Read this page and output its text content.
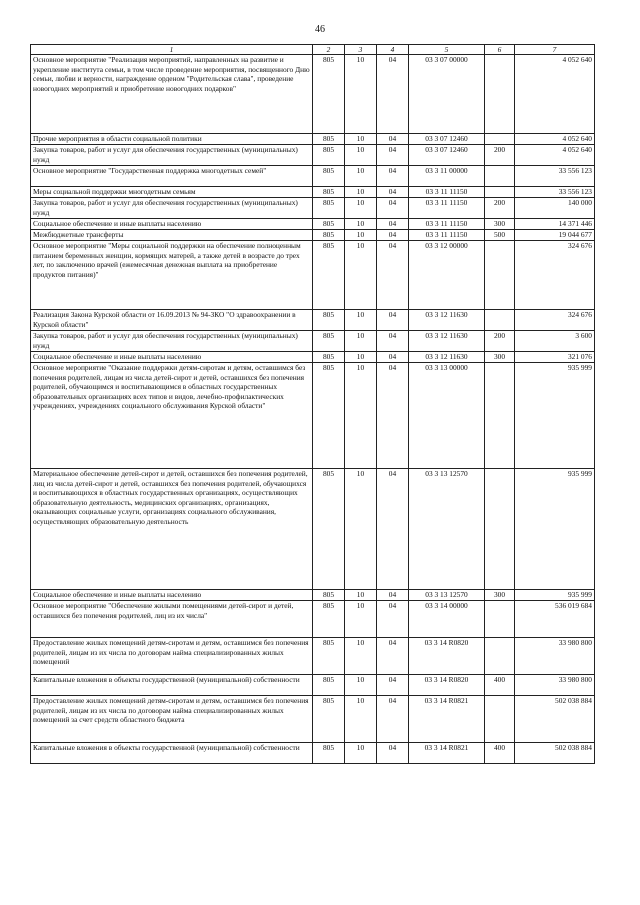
46
1	2	3	4	5	6	7
Основное мероприятие "Реализация мероприятий, направленных на развитие и укрепление института семьи, в том числе проведение мероприятия, посвященного Дню семьи, любви и верности, награждение орденом "Родительская слава", проведение новогодних мероприятий и приобретение новогодних подарков"	805	10	04	03 3 07 00000		4 052 640
Прочие мероприятия в области социальной политики	805	10	04	03 3 07 12460		4 052 640
Закупка товаров, работ и услуг для обеспечения государственных (муниципальных) нужд	805	10	04	03 3 07 12460	200	4 052 640
Основное мероприятие "Государственная поддержка многодетных семей"	805	10	04	03 3 11 00000		33 556 123
Меры социальной поддержки многодетным семьям	805	10	04	03 3 11 11150		33 556 123
Закупка товаров, работ и услуг для обеспечения государственных (муниципальных) нужд	805	10	04	03 3 11 11150	200	140 000
Социальное обеспечение и иные выплаты населению	805	10	04	03 3 11 11150	300	14 371 446
Межбюджетные трансферты	805	10	04	03 3 11 11150	500	19 044 677
Основное мероприятие "Меры социальной поддержки на обеспечение полноценным питанием беременных женщин, кормящих матерей, а также детей в возрасте до трех лет, по заключению врачей (ежемесячная денежная выплата на приобретение продуктов питания)"	805	10	04	03 3 12 00000		324 676
Реализация Закона Курской области от 16.09.2013 № 94-ЗКО "О здравоохранении в Курской области"	805	10	04	03 3 12 11630		324 676
Закупка товаров, работ и услуг для обеспечения государственных (муниципальных) нужд	805	10	04	03 3 12 11630	200	3 600
Социальное обеспечение и иные выплаты населению	805	10	04	03 3 12 11630	300	321 076
Основное мероприятие "Оказание поддержки детям-сиротам и детям, оставшимся без попечения родителей, лицам из числа детей-сирот и детей, оставшихся без попечения родителей, обучающимся и воспитывающимся в областных государственных образовательных организациях всех типов и видов, лечебно-профилактических учреждениях, учреждениях социального обслуживания Курской области"	805	10	04	03 3 13 00000		935 999
Материальное обеспечение детей-сирот и детей, оставшихся без попечения родителей, лиц из числа детей-сирот и детей, оставшихся без попечения родителей, обучающихся и воспитывающихся в областных государственных организациях, осуществляющих образовательную деятельность, медицинских организациях, организациях, оказывающих социальные услуги, организациях социального обслуживания, осуществляющих образовательную деятельность	805	10	04	03 3 13 12570		935 999
Социальное обеспечение и иные выплаты населению	805	10	04	03 3 13 12570	300	935 999
Основное мероприятие "Обеспечение жилыми помещениями детей-сирот и детей, оставшихся без попечения родителей, лиц из их числа"	805	10	04	03 3 14 00000		536 019 684
Предоставление жилых помещений детям-сиротам и детям, оставшимся без попечения родителей, лицам из их числа по договорам найма специализированных жилых помещений	805	10	04	03 3 14 R0820		33 980 800
Капитальные вложения в объекты государственной (муниципальной) собственности	805	10	04	03 3 14 R0820	400	33 980 800
Предоставление жилых помещений детям-сиротам и детям, оставшимся без попечения родителей, лицам из их числа по договорам найма специализированных жилых помещений за счет средств областного бюджета	805	10	04	03 3 14 R0821		502 038 884
Капитальные вложения в объекты государственной (муниципальной) собственности	805	10	04	03 3 14 R0821	400	502 038 884
